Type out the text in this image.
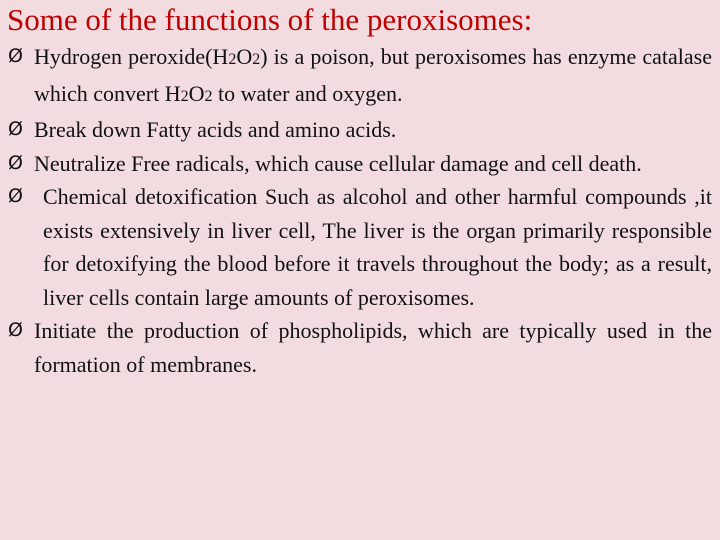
Some of the functions of the peroxisomes:
Ø Hydrogen peroxide(H2O2) is a poison, but peroxisomes has enzyme catalase which convert H2O2 to water and oxygen.
Ø Break down Fatty acids and amino acids.
Ø Neutralize Free radicals, which cause cellular damage and cell death.
Ø Chemical detoxification Such as alcohol and other harmful compounds ,it exists extensively in liver cell, The liver is the organ primarily responsible for detoxifying the blood before it travels throughout the body; as a result, liver cells contain large amounts of peroxisomes.
Ø Initiate the production of phospholipids, which are typically used in the formation of membranes.
